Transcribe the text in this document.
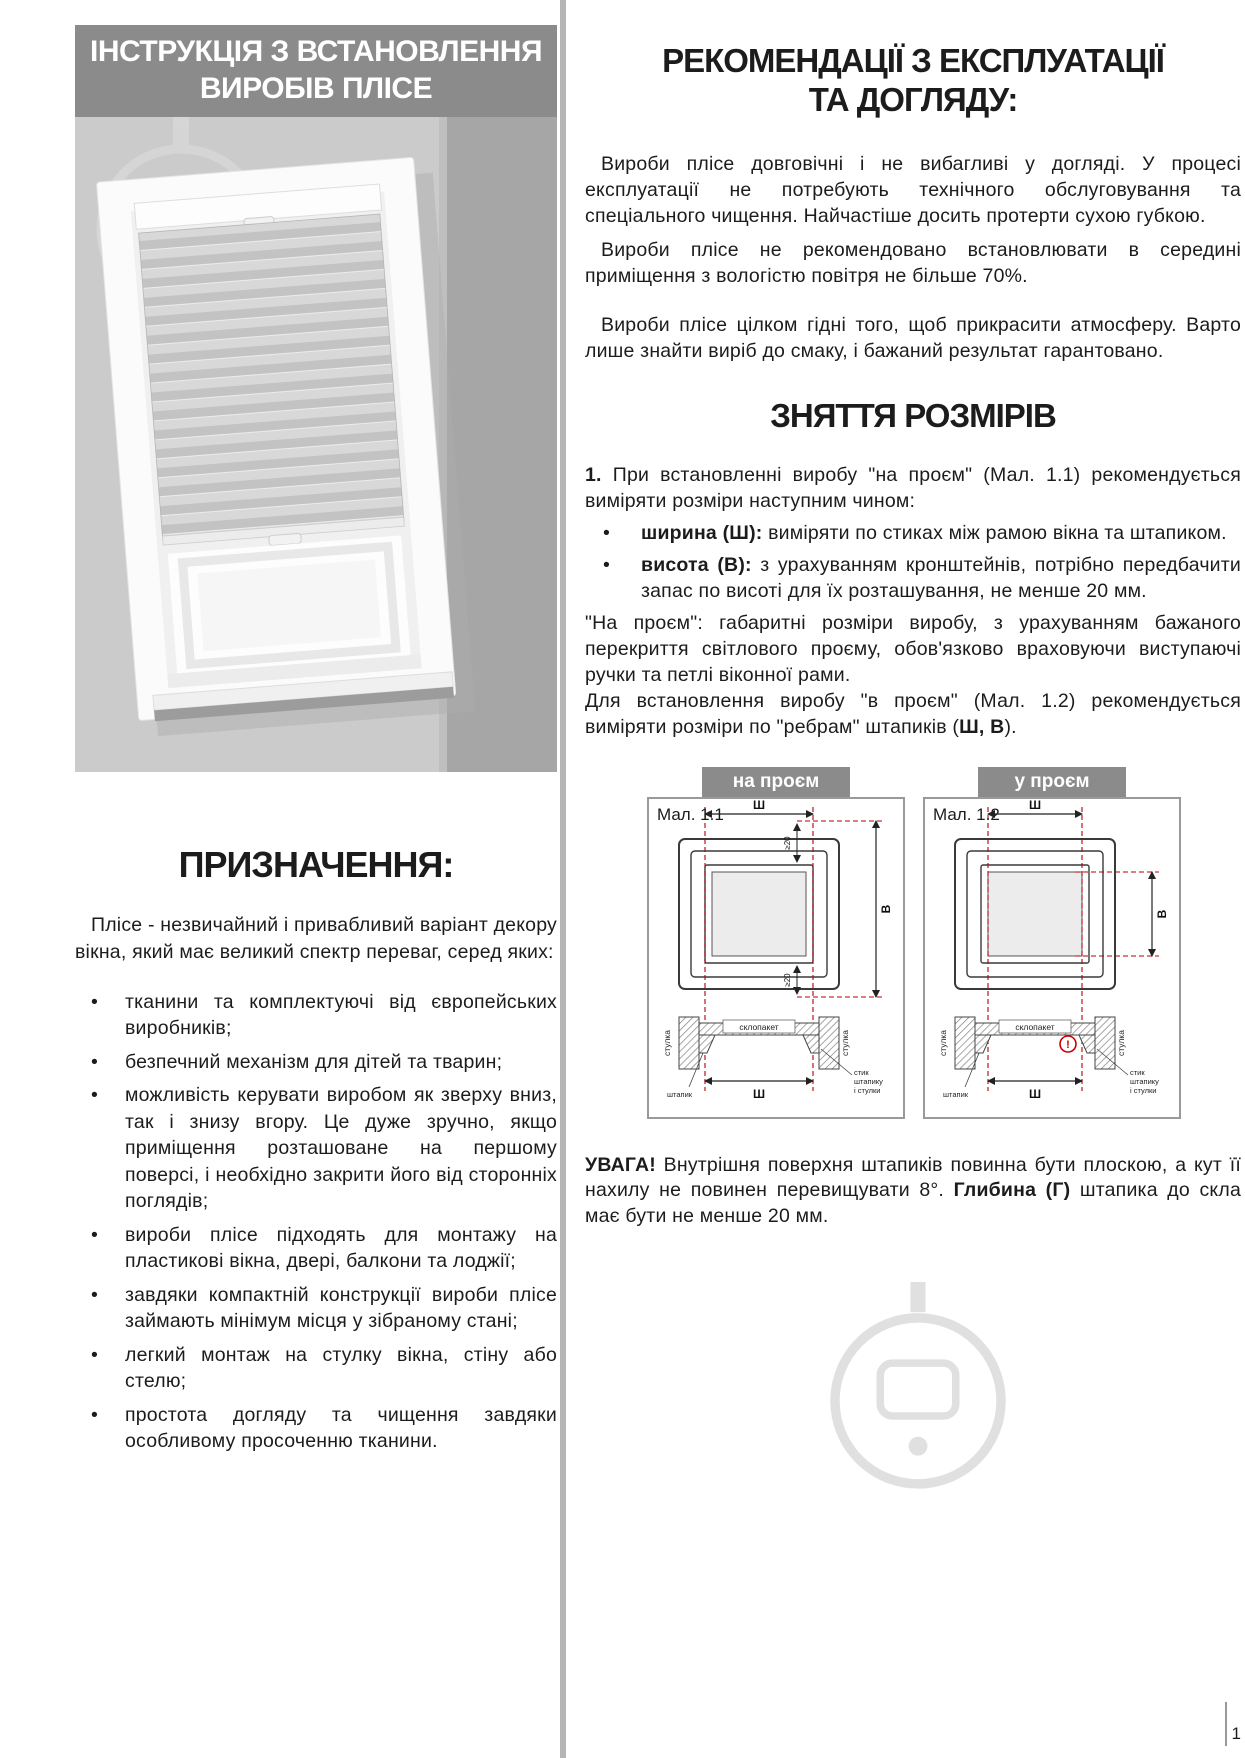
ІНСТРУКЦІЯ З ВСТАНОВЛЕННЯ
ВИРОБІВ ПЛІСЕ
ПРИЗНАЧЕННЯ:

Плісе - незвичайний і привабливий варіант декору вікна, який має великий спектр переваг, серед яких:

• тканини та комплектуючі від європейських виробників;
• безпечний механізм для дітей та тварин;
• можливість керувати виробом як зверху вниз, так і знизу вгору. Це дуже зручно, якщо приміщення розташоване на першому поверсі, і необхідно закрити його від сторонніх поглядів;
• вироби плісе підходять для монтажу на пластикові вікна, двері, балкони та лоджії;
• завдяки компактній конструкції вироби плісе займають мінімум місця у зібраному стані;
• легкий монтаж на стулку вікна, стіну або стелю;
• простота догляду та чищення завдяки особливому просоченню тканини.
РЕКОМЕНДАЦІЇ З ЕКСПЛУАТАЦІЇ
ТА ДОГЛЯДУ:

Вироби плісе довговічні і не вибагливі у догляді. У процесі експлуатації не потребують технічного обслуговування та спеціального чищення. Найчастіше досить протерти сухою губкою.

Вироби плісе не рекомендовано встановлювати в середині приміщення з вологістю повітря не більше 70%.

Вироби плісе цілком гідні того, щоб прикрасити атмосферу. Варто лише знайти виріб до смаку, і бажаний результат гарантовано.

ЗНЯТТЯ РОЗМІРІВ

1. При встановленні виробу "на проєм" (Мал. 1.1) рекомендується виміряти розміри наступним чином:

• ширина (Ш): виміряти по стиках між рамою вікна та штапиком.
• висота (В): з урахуванням кронштейнів, потрібно передбачити запас по висоті для їх розташування, не менше 20 мм.

"На проєм": габаритні розміри виробу, з урахуванням бажаного перекриття світлового проєму, обов'язково враховуючи виступаючі ручки та петлі віконної рами.

Для встановлення виробу "в проєм" (Мал. 1.2) рекомендується виміряти розміри по "ребрам" штапиків (Ш, В).

на проєм
Мал. 1.1 Ш
В
≥20
≥20
склопакет
Ш
стулка	стулка
штапик
стик
штапику
і стулки
у проєм
Мал. 1.2 Ш
В
склопакет
!
Ш
стулка	стулка
штапик
стик
штапику
і стулки

УВАГА! Внутрішня поверхня штапиків повинна бути плоскою, а кут її нахилу не повинен перевищувати 8°. Глибина (Г) штапика до скла має бути не менше 20 мм.

1
